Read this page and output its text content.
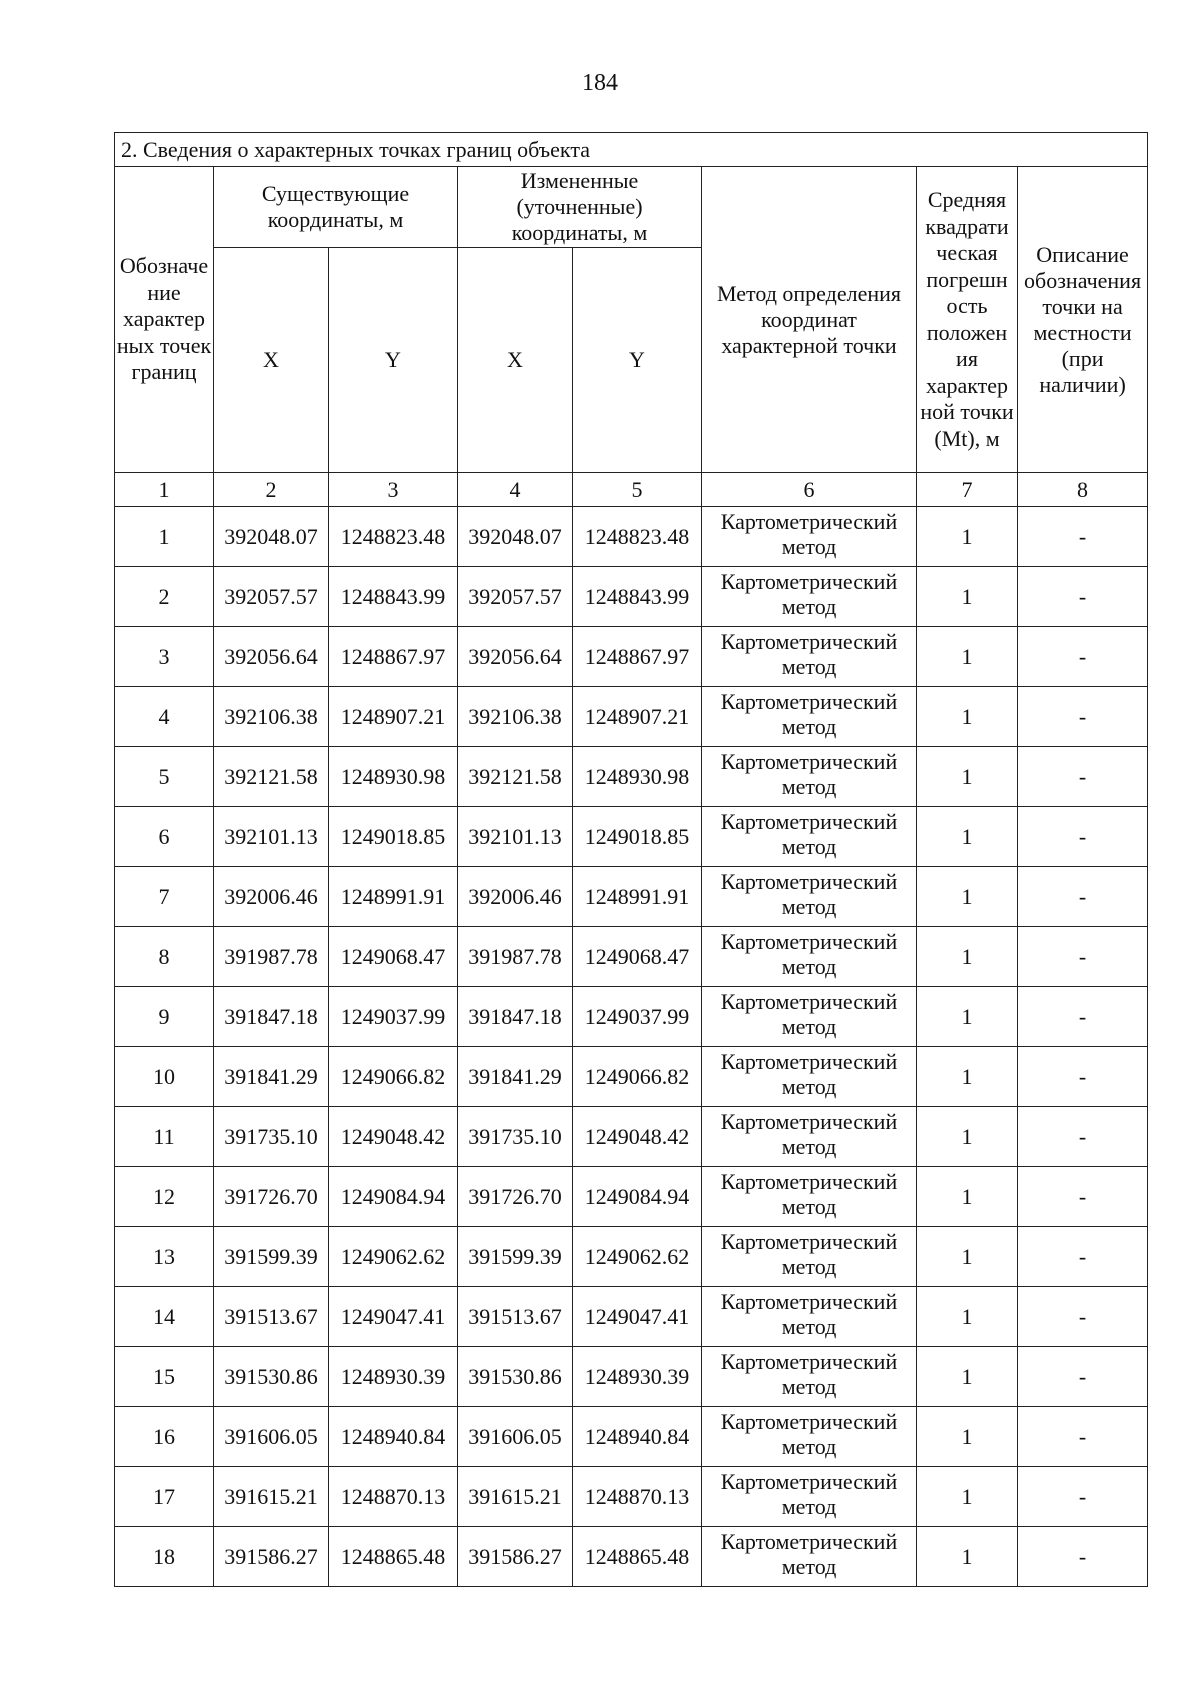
184
2. Сведения о характерных точках границ объекта							
Обозначе ние характер ных точек границ	Существующие координаты, м		Измененные (уточненные) координаты, м		Метод определения координат характерной точки	Средняя квадрати ческая погрешн ость положен ия характер ной точки (Mt), м	Описание обозначения точки на местности (при наличии)
	X	Y	X	Y			
1	2	3	4	5	6	7	8
1	392048.07	1248823.48	392048.07	1248823.48	Картометрический метод	1	-
2	392057.57	1248843.99	392057.57	1248843.99	Картометрический метод	1	-
3	392056.64	1248867.97	392056.64	1248867.97	Картометрический метод	1	-
4	392106.38	1248907.21	392106.38	1248907.21	Картометрический метод	1	-
5	392121.58	1248930.98	392121.58	1248930.98	Картометрический метод	1	-
6	392101.13	1249018.85	392101.13	1249018.85	Картометрический метод	1	-
7	392006.46	1248991.91	392006.46	1248991.91	Картометрический метод	1	-
8	391987.78	1249068.47	391987.78	1249068.47	Картометрический метод	1	-
9	391847.18	1249037.99	391847.18	1249037.99	Картометрический метод	1	-
10	391841.29	1249066.82	391841.29	1249066.82	Картометрический метод	1	-
11	391735.10	1249048.42	391735.10	1249048.42	Картометрический метод	1	-
12	391726.70	1249084.94	391726.70	1249084.94	Картометрический метод	1	-
13	391599.39	1249062.62	391599.39	1249062.62	Картометрический метод	1	-
14	391513.67	1249047.41	391513.67	1249047.41	Картометрический метод	1	-
15	391530.86	1248930.39	391530.86	1248930.39	Картометрический метод	1	-
16	391606.05	1248940.84	391606.05	1248940.84	Картометрический метод	1	-
17	391615.21	1248870.13	391615.21	1248870.13	Картометрический метод	1	-
18	391586.27	1248865.48	391586.27	1248865.48	Картометрический метод	1	-
